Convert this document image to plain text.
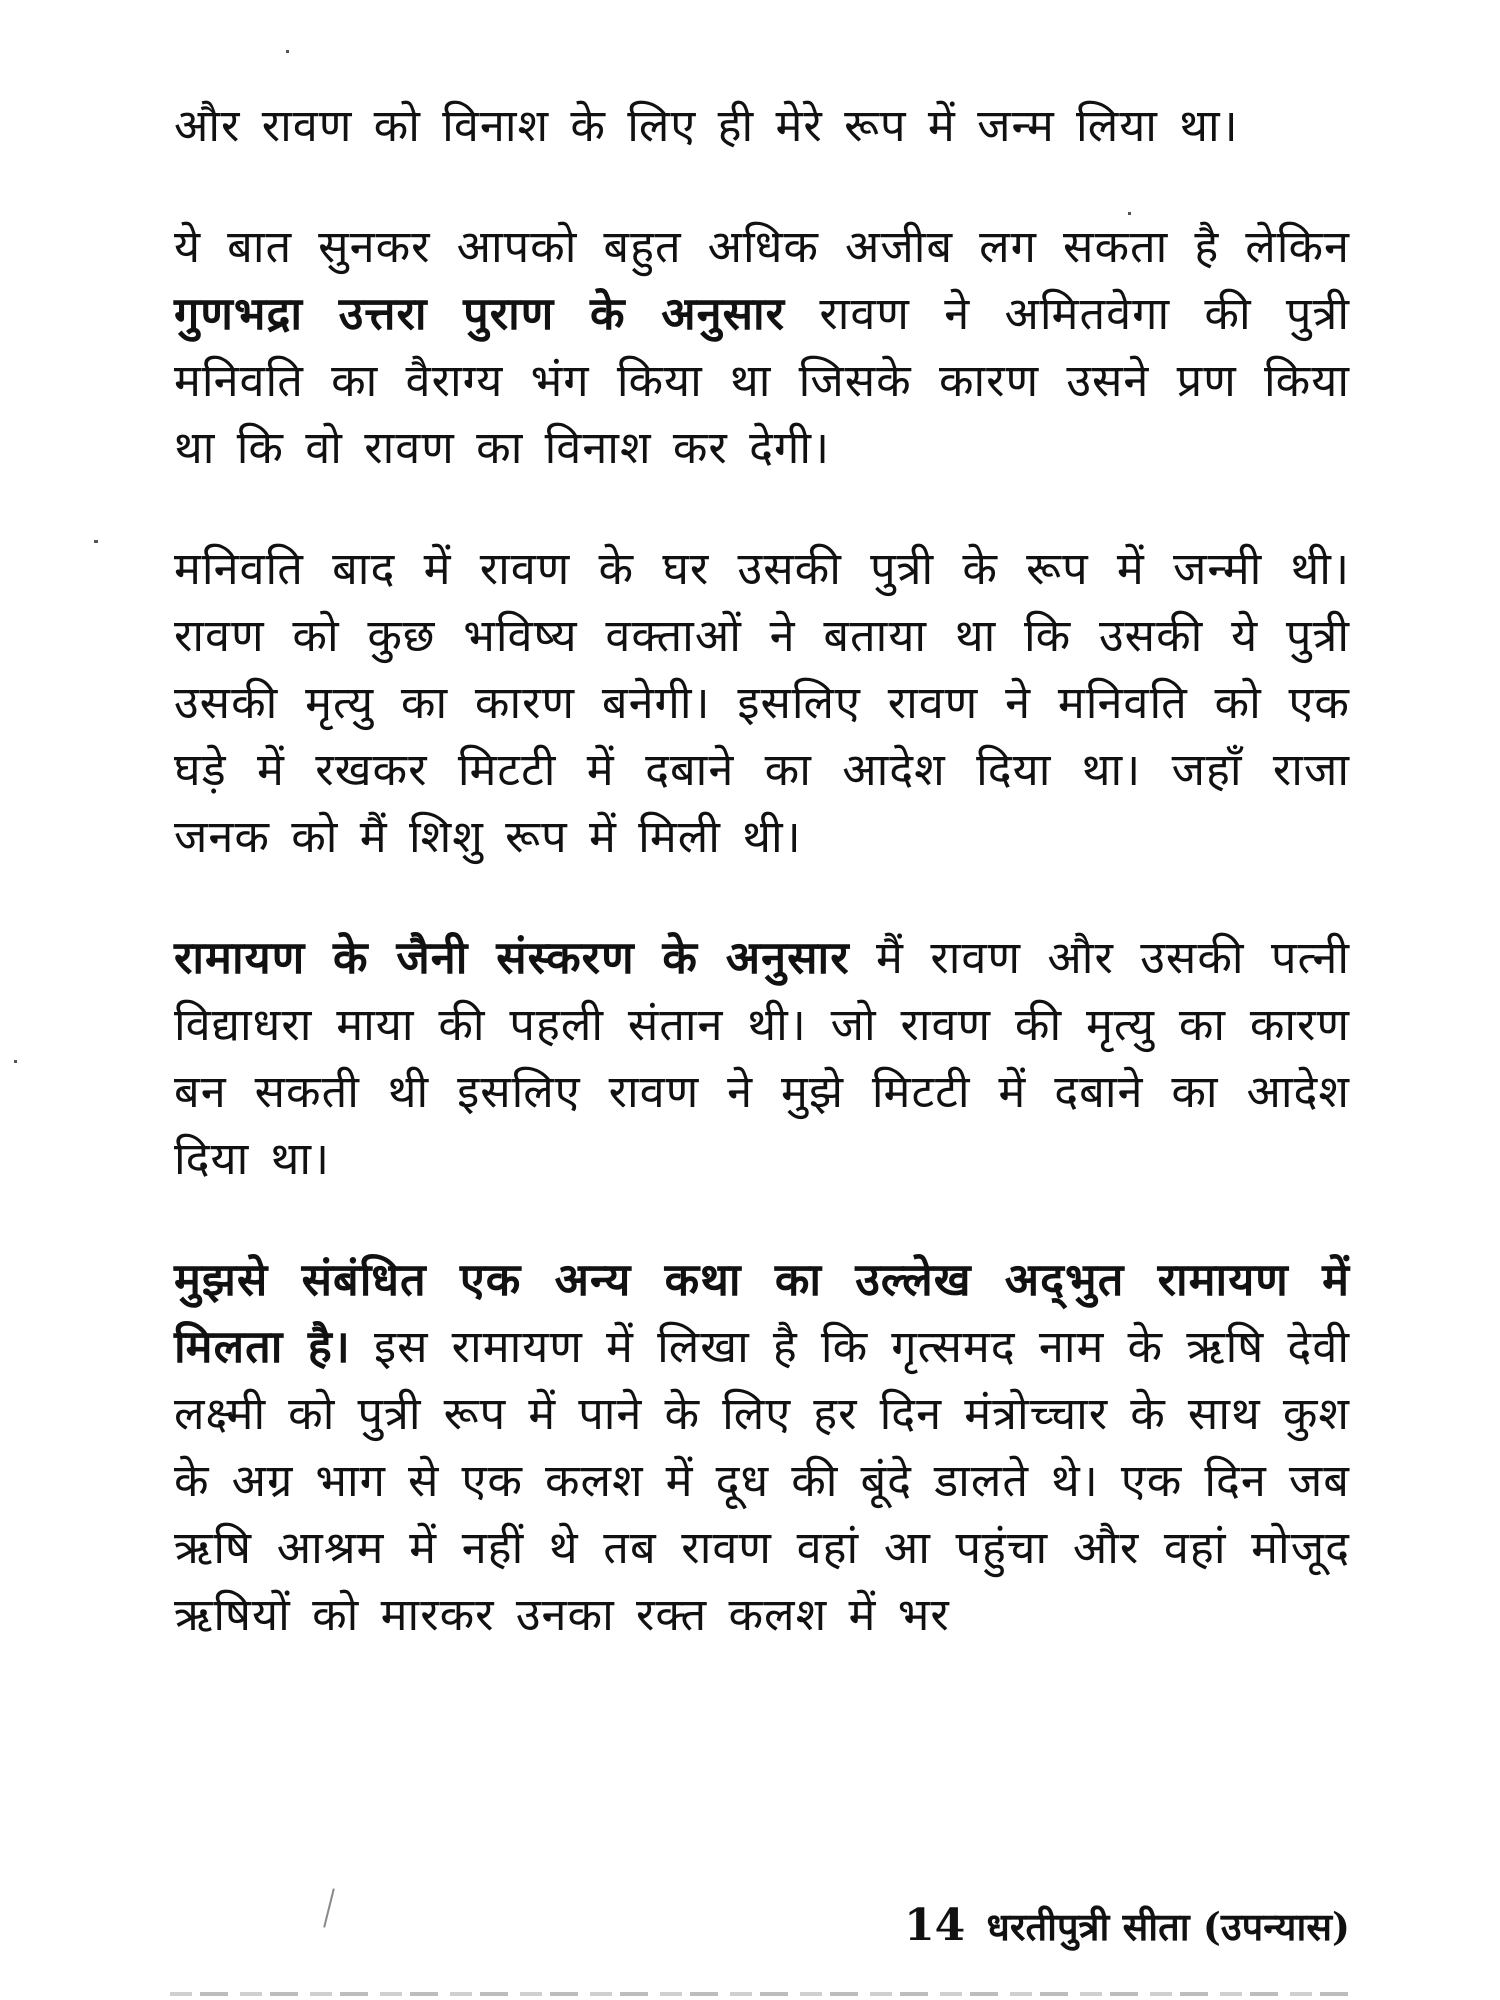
और रावण को विनाश के लिए ही मेरे रूप में जन्म लिया था।

ये बात सुनकर आपको बहुत अधिक अजीब लग सकता है लेकिन गुणभद्रा उत्तरा पुराण के अनुसार रावण ने अमितवेगा की पुत्री मनिवति का वैराग्य भंग किया था जिसके कारण उसने प्रण किया था कि वो रावण का विनाश कर देगी।

मनिवति बाद में रावण के घर उसकी पुत्री के रूप में जन्मी थी। रावण को कुछ भविष्य वक्ताओं ने बताया था कि उसकी ये पुत्री उसकी मृत्यु का कारण बनेगी। इसलिए रावण ने मनिवति को एक घड़े में रखकर मिटटी में दबाने का आदेश दिया था। जहाँ राजा जनक को मैं शिशु रूप में मिली थी।

रामायण के जैनी संस्करण के अनुसार मैं रावण और उसकी पत्नी विद्याधरा माया की पहली संतान थी। जो रावण की मृत्यु का कारण बन सकती थी इसलिए रावण ने मुझे मिटटी में दबाने का आदेश दिया था।

मुझसे संबंधित एक अन्य कथा का उल्लेख अद्‍भुत रामायण में मिलता है। इस रामायण में लिखा है कि गृत्समद नाम के ऋषि देवी लक्ष्मी को पुत्री रूप में पाने के लिए हर दिन मंत्रोच्चार के साथ कुश के अग्र भाग से एक कलश में दूध की बूंदे डालते थे। एक दिन जब ऋषि आश्रम में नहीं थे तब रावण वहां आ पहुंचा और वहां मोजूद ऋषियों को मारकर उनका रक्त कलश में भर

14 धरतीपुत्री सीता (उपन्यास)
